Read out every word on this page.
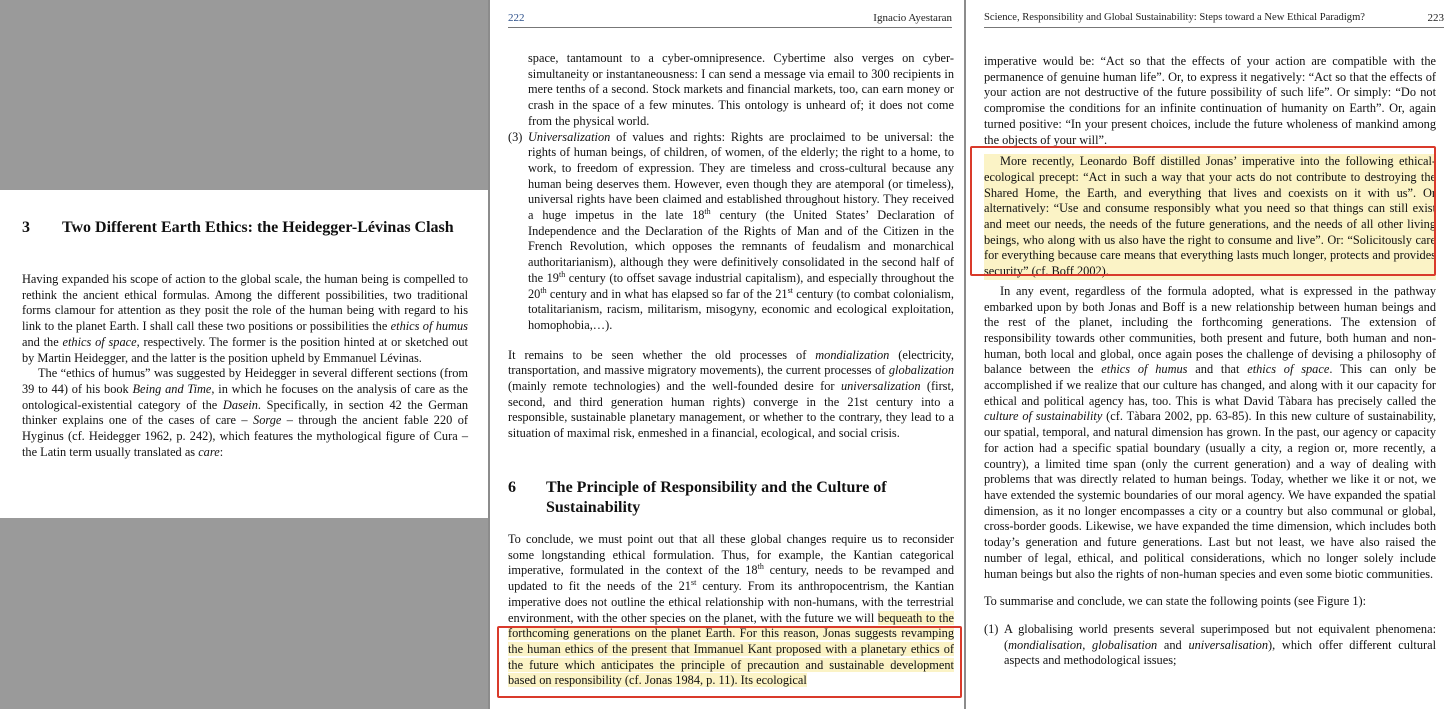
3	Two Different Earth Ethics: the Heidegger-Lévinas Clash

Having expanded his scope of action to the global scale, the human being is compelled to rethink the ancient ethical formulas. Among the different possibilities, two traditional forms clamour for attention as they posit the role of the human being with regard to his link to the planet Earth. I shall call these two positions or possibilities the ethics of humus and the ethics of space, respectively. The former is the position hinted at or sketched out by Martin Heidegger, and the latter is the position upheld by Emmanuel Lévinas.

The “ethics of humus” was suggested by Heidegger in several different sections (from 39 to 44) of his book Being and Time, in which he focuses on the analysis of care as the ontological-existential category of the Dasein. Specifically, in section 42 the German thinker explains one of the cases of care – Sorge – through the ancient fable 220 of Hyginus (cf. Heidegger 1962, p. 242), which features the mythological figure of Cura – the Latin term usually translated as care:

222	Ignacio Ayestaran

space, tantamount to a cyber-omnipresence. Cybertime also verges on cyber-simultaneity or instantaneousness: I can send a message via email to 300 recipients in mere tenths of a second. Stock markets and financial markets, too, can earn money or crash in the space of a few minutes. This ontology is unheard of; it does not come from the physical world.

(3) Universalization of values and rights: Rights are proclaimed to be universal: the rights of human beings, of children, of women, of the elderly; the right to a home, to work, to freedom of expression. They are timeless and cross-cultural because any human being deserves them. However, even though they are atemporal (or timeless), universal rights have been claimed and established throughout history. They received a huge impetus in the late 18th century (the United States’ Declaration of Independence and the Declaration of the Rights of Man and of the Citizen in the French Revolution, which opposes the remnants of feudalism and monarchical authoritarianism), although they were definitively consolidated in the second half of the 19th century (to offset savage industrial capitalism), and especially throughout the 20th century and in what has elapsed so far of the 21st century (to combat colonialism, totalitarianism, racism, militarism, misogyny, economic and ecological exploitation, homophobia,…).

It remains to be seen whether the old processes of mondialization (electricity, transportation, and massive migratory movements), the current processes of globalization (mainly remote technologies) and the well-founded desire for universalization (first, second, and third generation human rights) converge in the 21st century into a responsible, sustainable planetary management, or whether to the contrary, they lead to a situation of maximal risk, enmeshed in a financial, ecological, and social crisis.

6	The Principle of Responsibility and the Culture of Sustainability

To conclude, we must point out that all these global changes require us to reconsider some longstanding ethical formulation. Thus, for example, the Kantian categorical imperative, formulated in the context of the 18th century, needs to be revamped and updated to fit the needs of the 21st century. From its anthropocentrism, the Kantian imperative does not outline the ethical relationship with non-humans, with the terrestrial environment, with the other species on the planet, with the future we will bequeath to the forthcoming generations on the planet Earth. For this reason, Jonas suggests revamping the human ethics of the present that Immanuel Kant proposed with a planetary ethics of the future which anticipates the principle of precaution and sustainable development based on responsibility (cf. Jonas 1984, p. 11). Its ecological

Science, Responsibility and Global Sustainability: Steps toward a New Ethical Paradigm?	223

imperative would be: “Act so that the effects of your action are compatible with the permanence of genuine human life”. Or, to express it negatively: “Act so that the effects of your action are not destructive of the future possibility of such life”. Or simply: “Do not compromise the conditions for an infinite continuation of humanity on Earth”. Or, again turned positive: “In your present choices, include the future wholeness of mankind among the objects of your will”.

More recently, Leonardo Boff distilled Jonas’ imperative into the following ethical-ecological precept: “Act in such a way that your acts do not contribute to destroying the Shared Home, the Earth, and everything that lives and coexists on it with us”. Or alternatively: “Use and consume responsibly what you need so that things can still exist and meet our needs, the needs of the future generations, and the needs of all other living beings, who along with us also have the right to consume and live”. Or: “Solicitously care for everything because care means that everything lasts much longer, protects and provides security” (cf. Boff 2002).

In any event, regardless of the formula adopted, what is expressed in the pathway embarked upon by both Jonas and Boff is a new relationship between human beings and the rest of the planet, including the forthcoming generations. The extension of responsibility towards other communities, both present and future, both human and non-human, both local and global, once again poses the challenge of devising a philosophy of balance between the ethics of humus and that ethics of space. This can only be accomplished if we realize that our culture has changed, and along with it our capacity for ethical and political agency has, too. This is what David Tàbara has precisely called the culture of sustainability (cf. Tàbara 2002, pp. 63-85). In this new culture of sustainability, our spatial, temporal, and natural dimension has grown. In the past, our agency or capacity for action had a specific spatial boundary (usually a city, a region or, more recently, a country), a limited time span (only the current generation) and a way of dealing with problems that was directly related to human beings. Today, whether we like it or not, we have extended the systemic boundaries of our moral agency. We have expanded the spatial dimension, as it no longer encompasses a city or a country but also communal or global, cross-border goods. Likewise, we have expanded the time dimension, which includes both today’s generation and future generations. Last but not least, we have also raised the number of legal, ethical, and political considerations, which no longer solely include human beings but also the rights of non-human species and even some biotic communities.

To summarise and conclude, we can state the following points (see Figure 1):

(1) A globalising world presents several superimposed but not equivalent phenomena: (mondialisation, globalisation and universalisation), which offer different cultural aspects and methodological issues;
